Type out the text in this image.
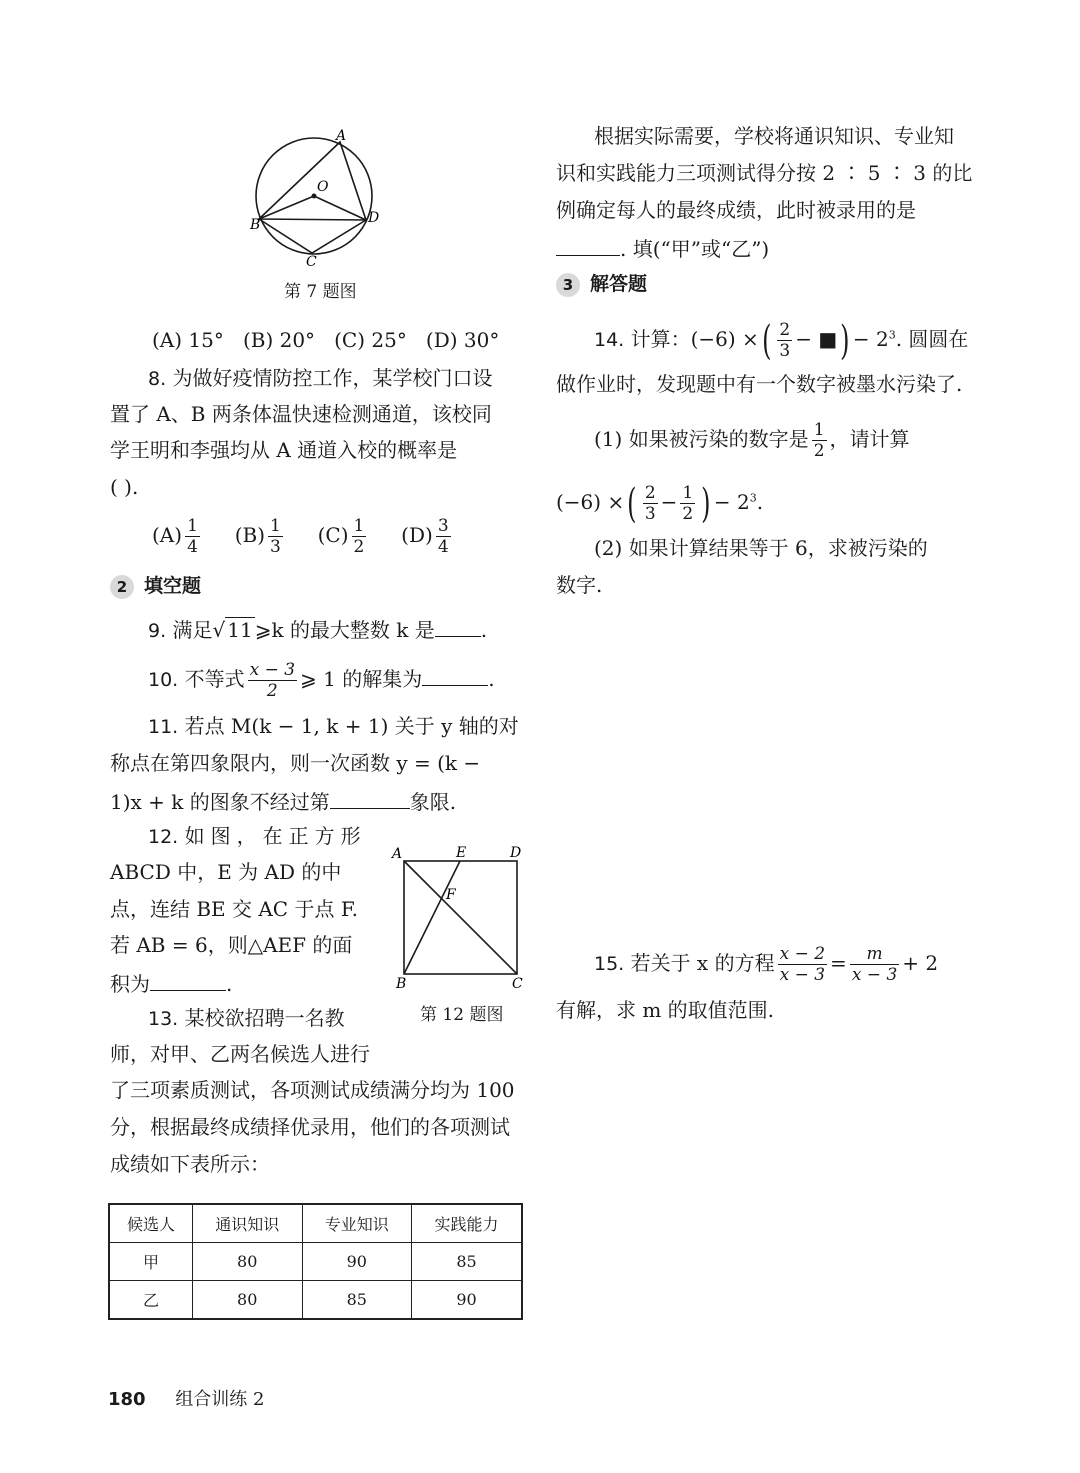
A
O
B	D
C
第 7 题图
(A) 15° (B) 20° (C) 25° (D) 30°
8. 为做好疫情防控工作，某学校门口设
置了 A、B 两条体温快速检测通道，该校同
学王明和李强均从 A 通道入校的概率是
( ).
$(A) \frac{1}{4} (B) \frac{1}{3} (C) \frac{1}{2} (D) \frac{3}{4}$
2 填空题
9. 满足√ 11 ⩾k 的最大整数 k 是 .
10. 不等式 $\frac{x - 3}{2}$ ⩾ 1 的解集为	.
11. 若点 M(k − 1, k + 1) 关于 y 轴的对
称点在第四象限内，则一次函数 y = (k −
1)x + k 的图象不经过第	象限.
12. 如图，在正方形
ABCD 中，E 为 AD 的中
点，连结 BE 交 AC 于点 F.
若 AB = 6，则△AEF 的面
积为	.
A	E	D
F
B	C
第 12 题图
13. 某校欲招聘一名教
师，对甲、乙两名候选人进行
了三项素质测试，各项测试成绩满分均为 100
分，根据最终成绩择优录用，他们的各项测试
成绩如下表所示：
候选人	通识知识	专业知识	实践能力
甲	80	90	85
乙	80	85	90
根据实际需要，学校将通识知识、专业知
识和实践能力三项测试得分按 2 ∶ 5 ∶ 3 的比
例确定每人的最终成绩，此时被录用的是
. 填(“甲”或“乙”)
3 解答题
14. 计算：(−6) ×( $\frac{2}{3}$ − ■) − $2^3$. 圆圆在
做作业时，发现题中有一个数字被墨水污染了.
(1) 如果被污染的数字是 $\frac{1}{2}$ ，请计算
(−6) ×( $\frac{2}{3} - \frac{1}{2}$ ) − $2^3$.
(2) 如果计算结果等于 6，求被污染的
数字.
15. 若关于 x 的方程 $\frac{x - 2}{x - 3} = \frac{m}{x - 3} + 2$
有解，求 m 的取值范围.
180 组合训练 2
